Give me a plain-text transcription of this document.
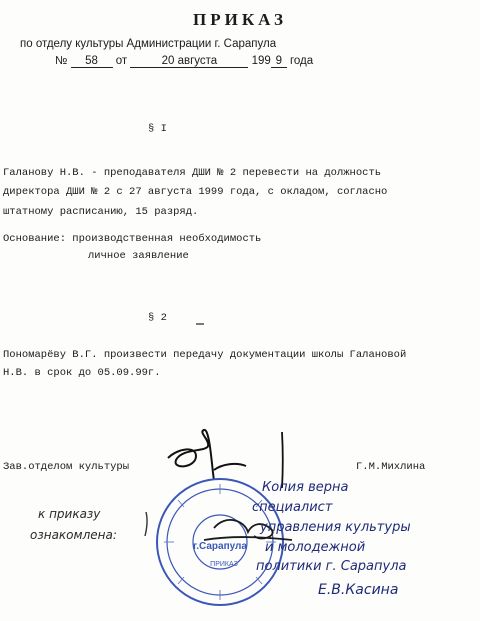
ПРИКАЗ
по отделу культуры Администрации г. Сарапула
№ 58 от	20 августа	199 9 года
§ I
Галанову Н.В. - преподавателя ДШИ № 2 перевести на должность
директора ДШИ № 2 с 27 августа 1999 года, с окладом, согласно
штатному расписанию, 15 разряд.
Основание: производственная необходимость
личное заявление
§ 2
Пономарёву В.Г. произвести передачу документации школы Галановой
Н.В. в срок до 05.09.99г.
Зав.отделом культуры	Г.М.Михлина
г.Сарапула
ПРИКАЗ
к приказу
ознакомлена:
Копия верна
специалист
управления культуры
и молодежной
политики г. Сарапула
Е.В.Касина
